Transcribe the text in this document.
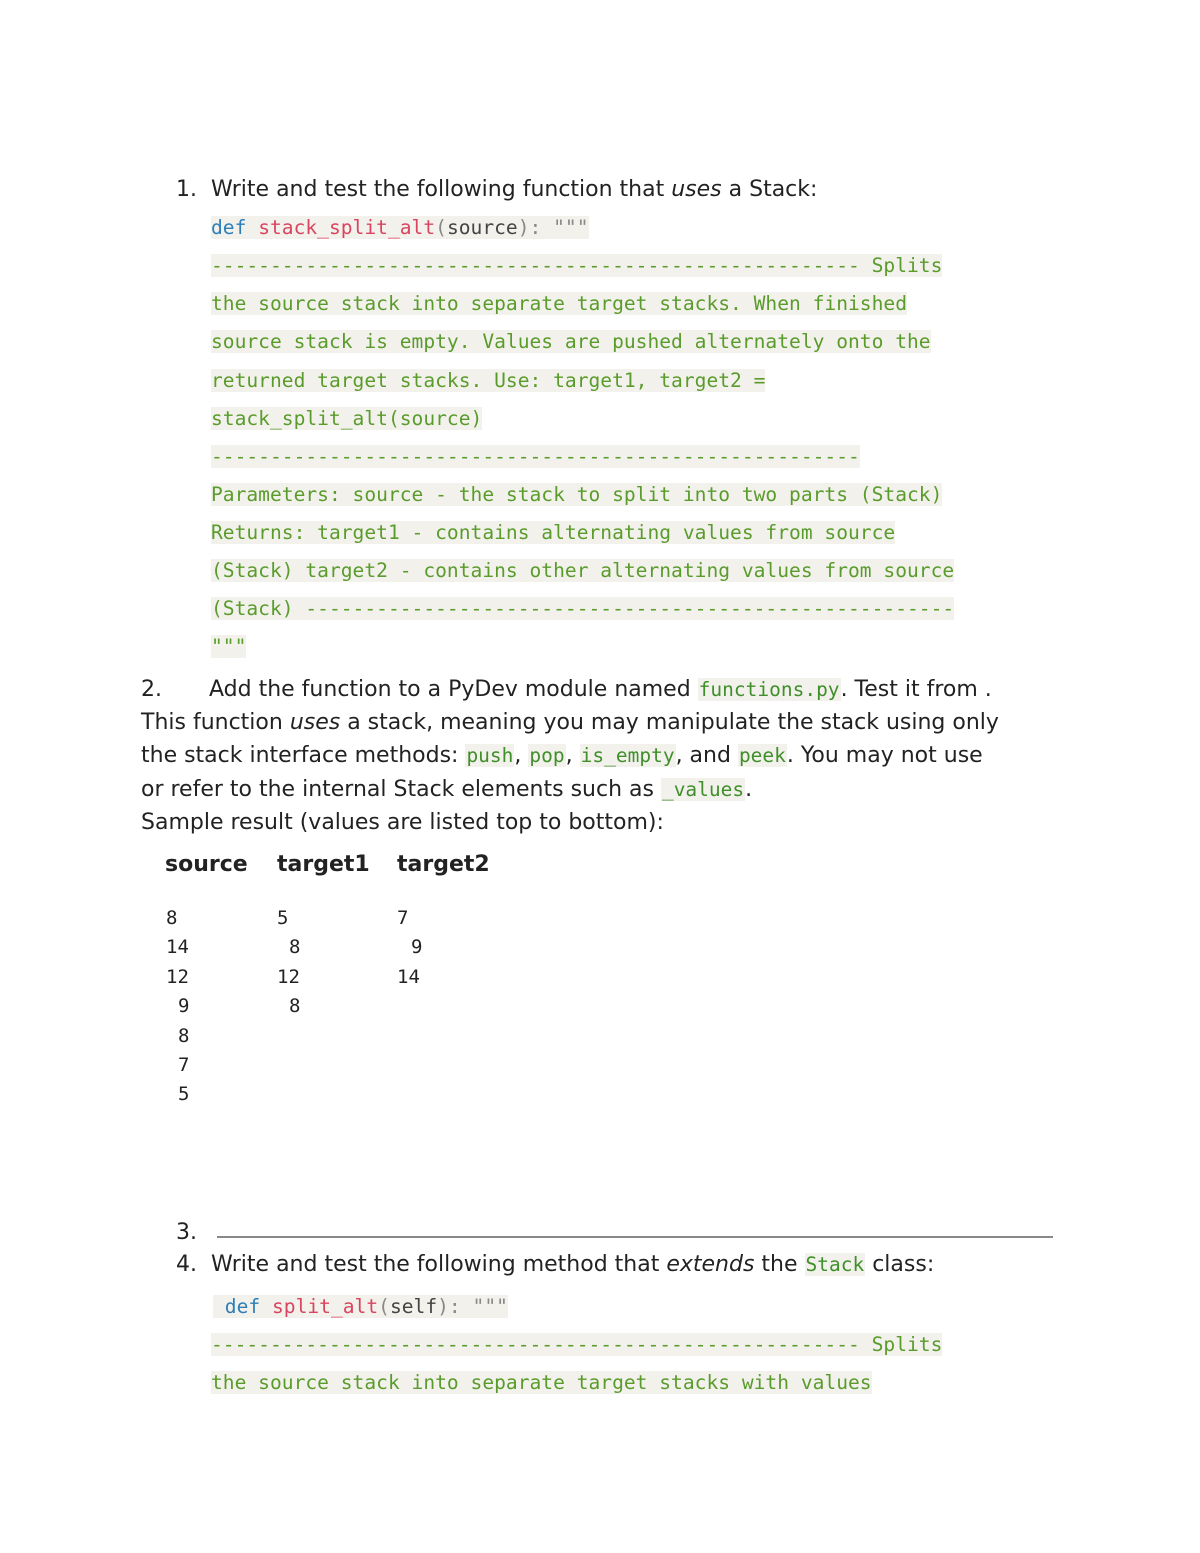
1. Write and test the following function that uses a Stack:
def stack_split_alt(source): """
------------------------------------------------------- Splits
the source stack into separate target stacks. When finished
source stack is empty. Values are pushed alternately onto the
returned target stacks. Use: target1, target2 =
stack_split_alt(source)
-------------------------------------------------------
Parameters: source - the stack to split into two parts (Stack)
Returns: target1 - contains alternating values from source
(Stack) target2 - contains other alternating values from source
(Stack) -------------------------------------------------------
"""
2. Add the function to a PyDev module named functions.py. Test it from .
This function uses a stack, meaning you may manipulate the stack using only
the stack interface methods: push, pop, is_empty, and peek. You may not use
or refer to the internal Stack elements such as _values.
Sample result (values are listed top to bottom):
source target1 target2
8
14
12
9
8
7
5
5
8
12
8
7
9
14
3.
4. Write and test the following method that extends the Stack class:
def split_alt(self): """
------------------------------------------------------- Splits
the source stack into separate target stacks with values
